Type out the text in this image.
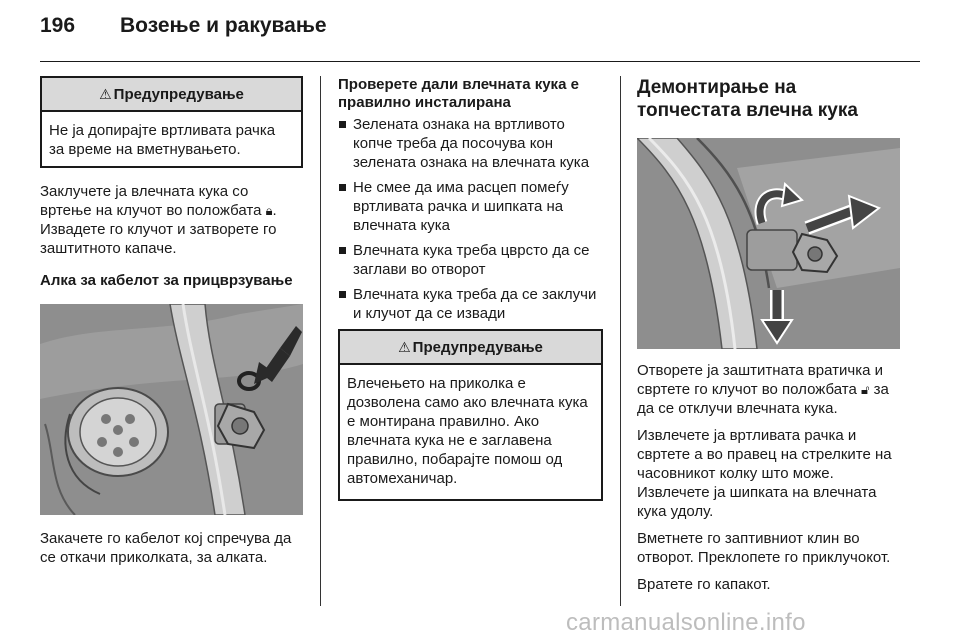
196 Возење и ракување
⚠ Предупредување
Не ја допирајте вртливата рачка за време на вметнувањето.

Заклучете ја влечната кука со вртење на клучот во положбата 🔒︎. Извадете го клучот и затворете го заштитното капаче.

Алка за кабелот за прицврзување

Закачете го кабелот кој спречува да се откачи приколката, за алката.

Проверете дали влечната кука е правилно инсталирана

Зелената ознака на вртливото копче треба да посочува кон зелената ознака на влечната кука
Не смее да има расцеп помеѓу вртливата рачка и шипката на влечната кука
Влечната кука треба цврсто да се заглави во отворот
Влечната кука треба да се заклучи и клучот да се извади
⚠ Предупредување
Влечењето на приколка е дозволена само ако влечната кука е монтирана правилно. Ако влечната кука не е заглавена правилно, побарајте помош од автомеханичар.

Демонтирање на топчестата влечна кука

Отворете ја заштитната вратичка и свртете го клучот во положбата 🔓︎ за да се отклучи влечната кука.

Извлечете ја вртливата рачка и свртете а во правец на стрелките на часовникот колку што може. Извлечете ја шипката на влечната кука удолу.

Вметнете го заптивниот клин во отворот. Преклопете го приклучокот.

Вратете го капакот.

carmanualsonline.info
